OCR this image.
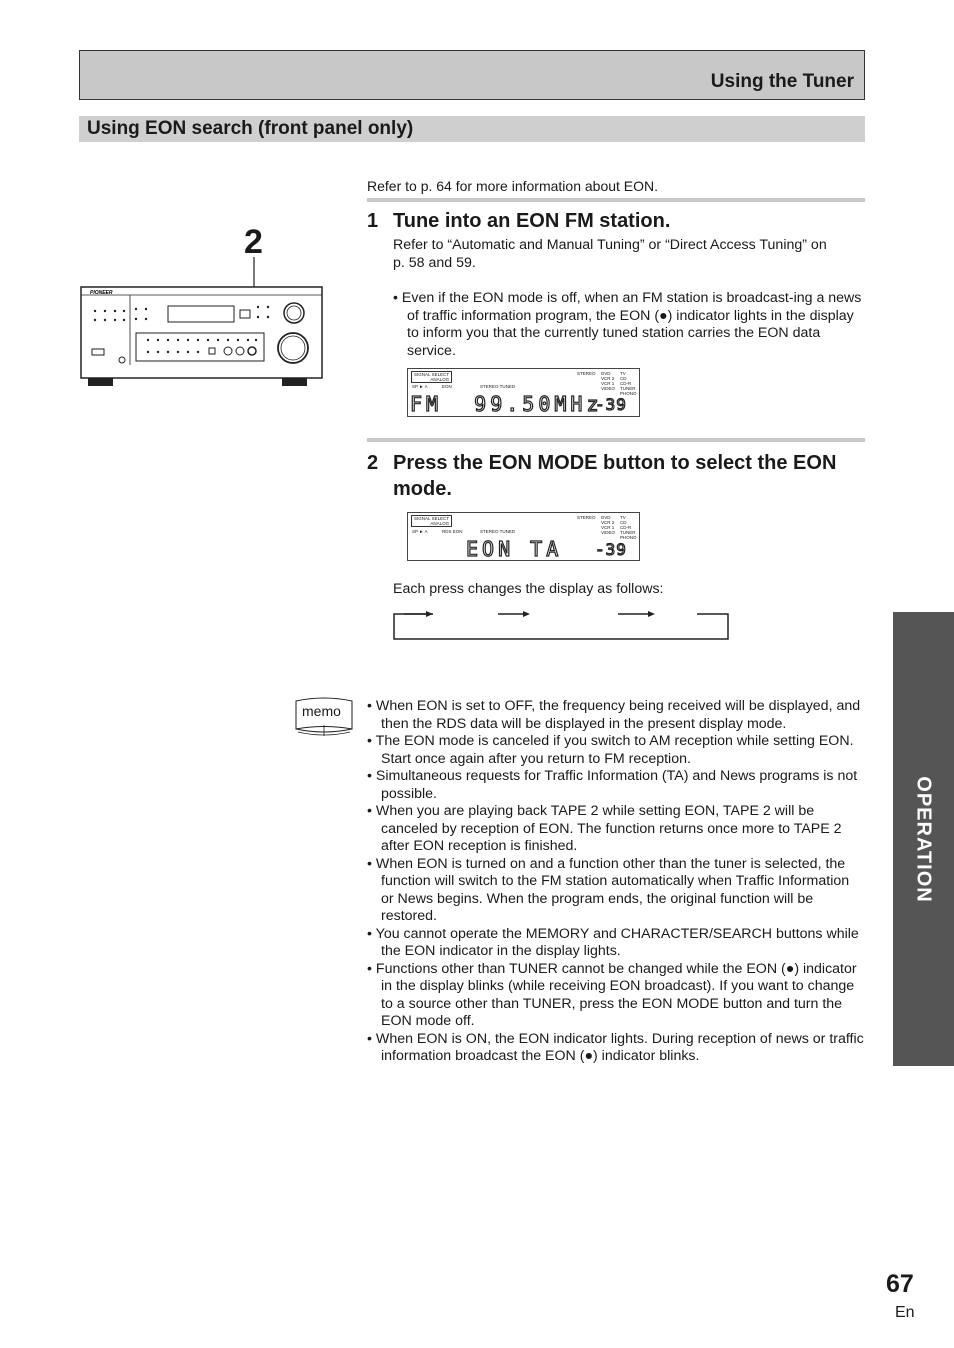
Using the Tuner
Using EON search (front panel only)
OPERATION
2
PIONEER
Refer to p. 64 for more information about EON.
1 Tune into an EON FM station.
Refer to “Automatic and Manual Tuning” or “Direct Access Tuning” on p. 58 and 59.

• Even if the EON mode is off, when an FM station is broadcast-ing a news of traffic information program, the EON (●) indicator lights in the display to inform you that the currently tuned station carries the EON data service.

SIGNAL SELECT
ANALOG
SP ► A	EON	STEREO TUNED
STEREO DVD
VCR 2
VCR 1
VIDEO
TV
CD
CD-R
TUNER
PHONO
FM  99.50MHz
-39
2 Press the EON MODE button to select the EON mode.
SIGNAL SELECT
ANALOG
SP ► A	RDS EON	STEREO TUNED
STEREO DVD
VCR 2
VCR 1
VIDEO
TV
CD
CD-R
TUNER
PHONO
EON TA -39
Each press changes the display as follows:
memo • When EON is set to OFF, the frequency being received will be displayed, and then the RDS data will be displayed in the present display mode.

• The EON mode is canceled if you switch to AM reception while setting EON. Start once again after you return to FM reception.

• Simultaneous requests for Traffic Information (TA) and News programs is not possible.

• When you are playing back TAPE 2 while setting EON, TAPE 2 will be canceled by reception of EON. The function returns once more to TAPE 2 after EON reception is finished.

• When EON is turned on and a function other than the tuner is selected, the function will switch to the FM station automatically when Traffic Information or News begins. When the program ends, the original function will be restored.

• You cannot operate the MEMORY and CHARACTER/SEARCH buttons while the EON indicator in the display lights.

• Functions other than TUNER cannot be changed while the EON (●) indicator in the display blinks (while receiving EON broadcast). If you want to change to a source other than TUNER, press the EON MODE button and turn the EON mode off.

• When EON is ON, the EON indicator lights. During reception of news or traffic information broadcast the EON (●) indicator blinks.

67
En
